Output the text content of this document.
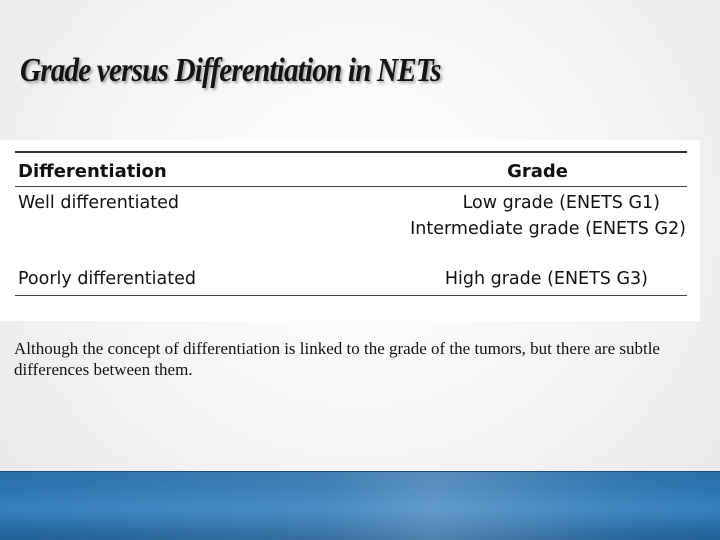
Grade versus Differentiation in NETs
Differentiation	Grade
Well differentiated	Low grade (ENETS G1)
Intermediate grade (ENETS G2)
Poorly differentiated	High grade (ENETS G3)
Although the concept of differentiation is linked to the grade of the tumors, but there are subtle differences between them.
